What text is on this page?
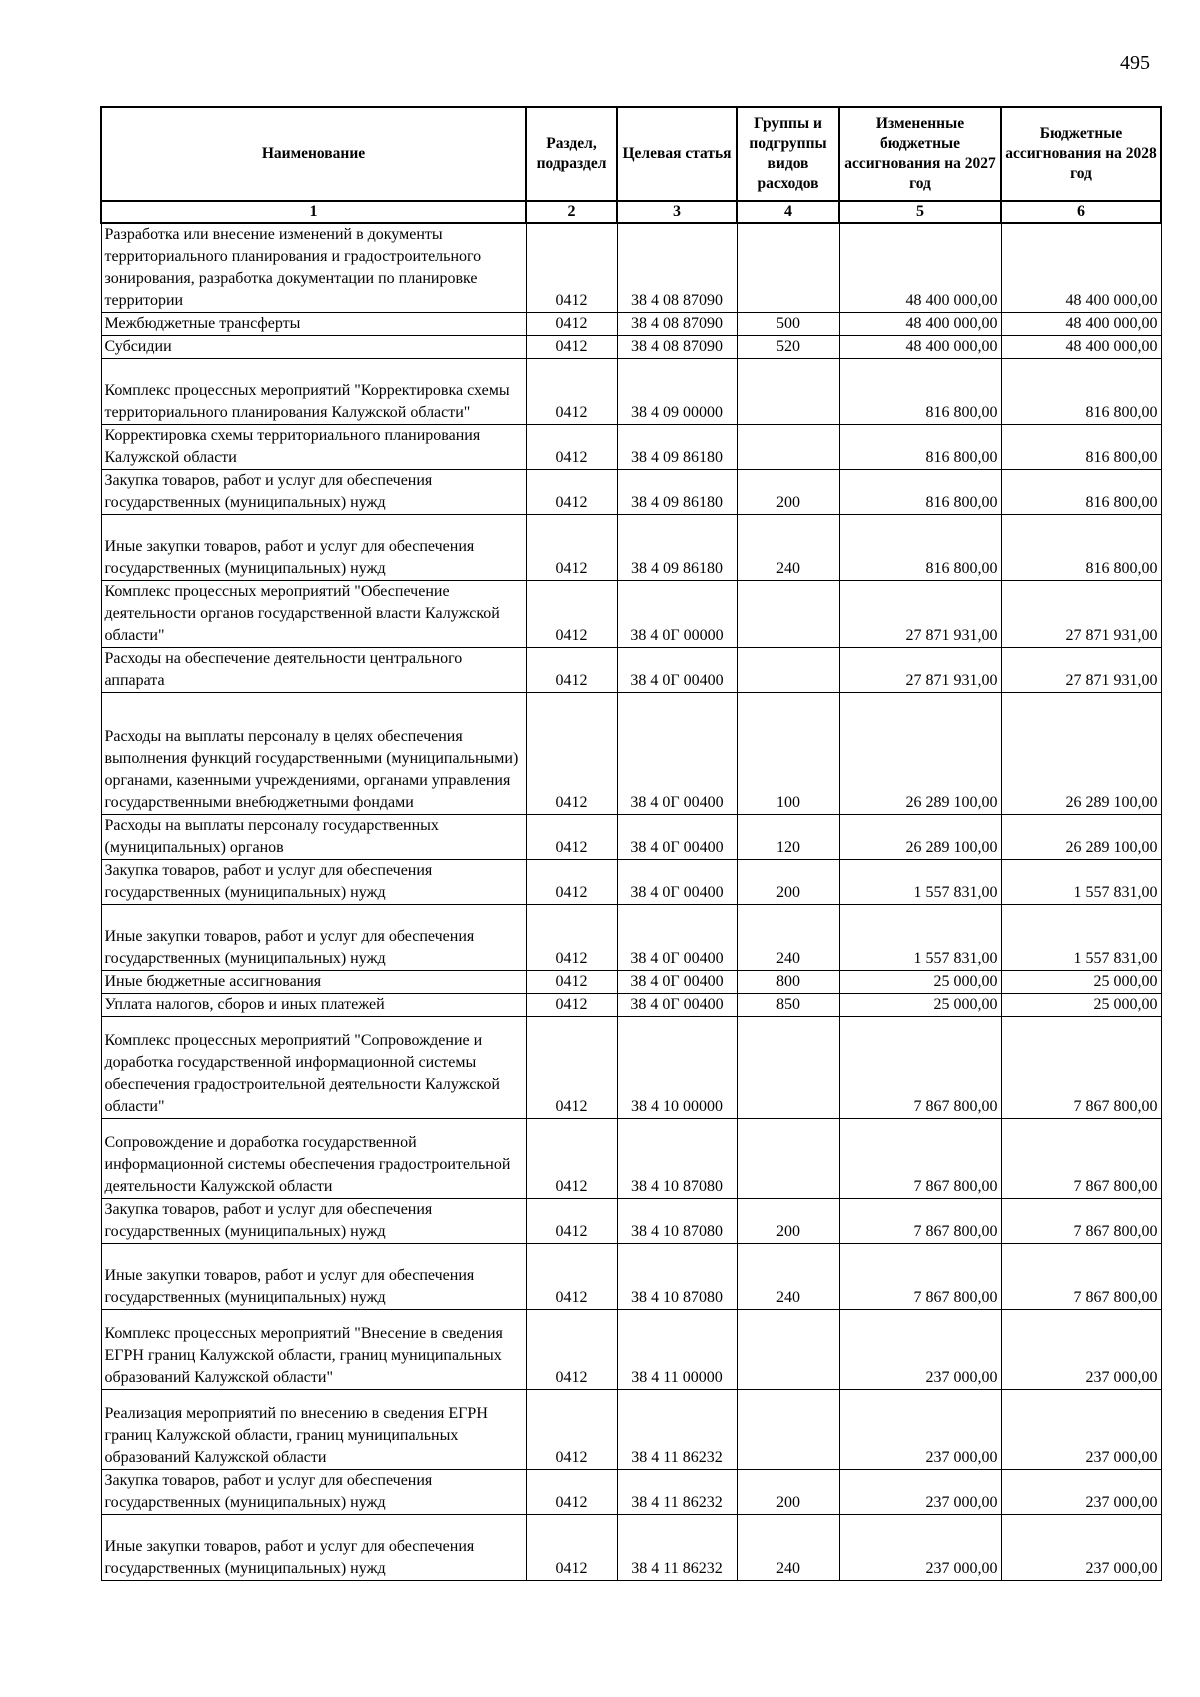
495
Наименование	Раздел, подраздел	Целевая статья	Группы и подгруппы видов расходов	Измененные бюджетные ассигнования на 2027 год	Бюджетные ассигнования на 2028 год
1	2	3	4	5	6
Разработка или внесение изменений в документы территориального планирования и градостроительного зонирования, разработка документации по планировке территории	0412	38 4 08 87090		48 400 000,00	48 400 000,00
Межбюджетные трансферты	0412	38 4 08 87090	500	48 400 000,00	48 400 000,00
Субсидии	0412	38 4 08 87090	520	48 400 000,00	48 400 000,00
Комплекс процессных мероприятий "Корректировка схемы территориального планирования Калужской области"	0412	38 4 09 00000		816 800,00	816 800,00
Корректировка схемы территориального планирования Калужской области	0412	38 4 09 86180		816 800,00	816 800,00
Закупка товаров, работ и услуг для обеспечения государственных (муниципальных) нужд	0412	38 4 09 86180	200	816 800,00	816 800,00
Иные закупки товаров, работ и услуг для обеспечения государственных (муниципальных) нужд	0412	38 4 09 86180	240	816 800,00	816 800,00
Комплекс процессных мероприятий "Обеспечение деятельности органов государственной власти Калужской области"	0412	38 4 0Г 00000		27 871 931,00	27 871 931,00
Расходы на обеспечение деятельности центрального аппарата	0412	38 4 0Г 00400		27 871 931,00	27 871 931,00
Расходы на выплаты персоналу в целях обеспечения выполнения функций государственными (муниципальными) органами, казенными учреждениями, органами управления государственными внебюджетными фондами	0412	38 4 0Г 00400	100	26 289 100,00	26 289 100,00
Расходы на выплаты персоналу государственных (муниципальных) органов	0412	38 4 0Г 00400	120	26 289 100,00	26 289 100,00
Закупка товаров, работ и услуг для обеспечения государственных (муниципальных) нужд	0412	38 4 0Г 00400	200	1 557 831,00	1 557 831,00
Иные закупки товаров, работ и услуг для обеспечения государственных (муниципальных) нужд	0412	38 4 0Г 00400	240	1 557 831,00	1 557 831,00
Иные бюджетные ассигнования	0412	38 4 0Г 00400	800	25 000,00	25 000,00
Уплата налогов, сборов и иных платежей	0412	38 4 0Г 00400	850	25 000,00	25 000,00
Комплекс процессных мероприятий "Сопровождение и доработка государственной информационной системы обеспечения градостроительной деятельности Калужской области"	0412	38 4 10 00000		7 867 800,00	7 867 800,00
Сопровождение и доработка государственной информационной системы обеспечения градостроительной деятельности Калужской области	0412	38 4 10 87080		7 867 800,00	7 867 800,00
Закупка товаров, работ и услуг для обеспечения государственных (муниципальных) нужд	0412	38 4 10 87080	200	7 867 800,00	7 867 800,00
Иные закупки товаров, работ и услуг для обеспечения государственных (муниципальных) нужд	0412	38 4 10 87080	240	7 867 800,00	7 867 800,00
Комплекс процессных мероприятий "Внесение в сведения ЕГРН границ Калужской области, границ муниципальных образований Калужской области"	0412	38 4 11 00000		237 000,00	237 000,00
Реализация мероприятий по внесению в сведения ЕГРН границ Калужской области, границ муниципальных образований Калужской области	0412	38 4 11 86232		237 000,00	237 000,00
Закупка товаров, работ и услуг для обеспечения государственных (муниципальных) нужд	0412	38 4 11 86232	200	237 000,00	237 000,00
Иные закупки товаров, работ и услуг для обеспечения государственных (муниципальных) нужд	0412	38 4 11 86232	240	237 000,00	237 000,00
